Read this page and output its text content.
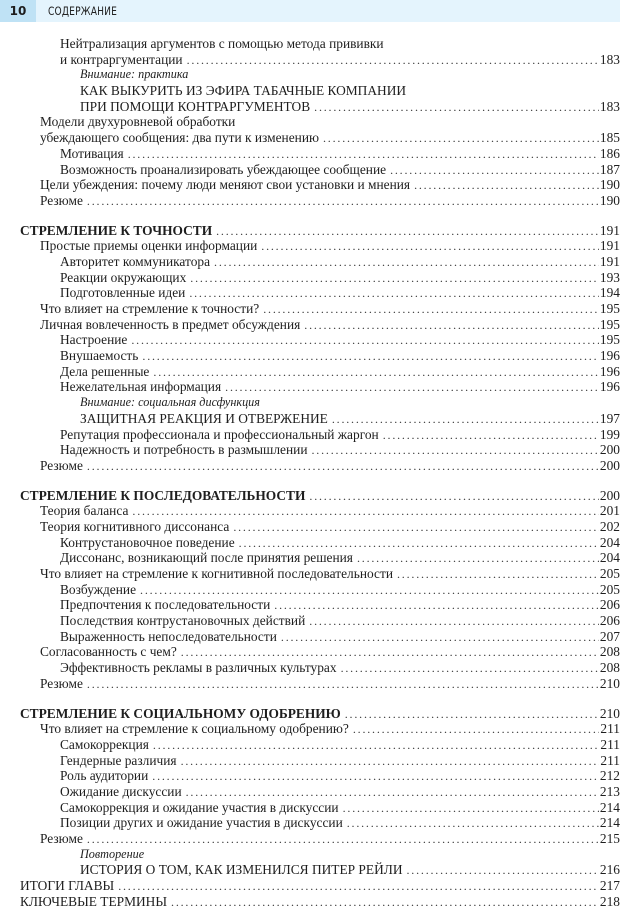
10	СОДЕРЖАНИЕ
Нейтрализация аргументов с помощью метода прививки
и контраргументации . . .	183
Внимание: практика
КАК ВЫКУРИТЬ ИЗ ЭФИРА ТАБАЧНЫЕ КОМПАНИИ
ПРИ ПОМОЩИ КОНТРАРГУМЕНТОВ . . .	183
Модели двухуровневой обработки
убеждающего сообщения: два пути к изменению . . .	185
Мотивация . . .	186
Возможность проанализировать убеждающее сообщение . . .	187
Цели убеждения: почему люди меняют свои установки и мнения . . .	190
Резюме . . .	190
СТРЕМЛЕНИЕ К ТОЧНОСТИ . . .	191
Простые приемы оценки информации . . .	191
Авторитет коммуникатора . . .	191
Реакции окружающих . . .	193
Подготовленные идеи . . .	194
Что влияет на стремление к точности? . . .	195
Личная вовлеченность в предмет обсуждения . . .	195
Настроение . . .	195
Внушаемость . . .	196
Дела решенные . . .	196
Нежелательная информация . . .	196
Внимание: социальная дисфункция
ЗАЩИТНАЯ РЕАКЦИЯ И ОТВЕРЖЕНИЕ . . .	197
Репутация профессионала и профессиональный жаргон . . .	199
Надежность и потребность в размышлении . . .	200
Резюме . . .	200
СТРЕМЛЕНИЕ К ПОСЛЕДОВАТЕЛЬНОСТИ . . .	200
Теория баланса . . .	201
Теория когнитивного диссонанса . . .	202
Контрустановочное поведение . . .	204
Диссонанс, возникающий после принятия решения . . .	204
Что влияет на стремление к когнитивной последовательности . . .	205
Возбуждение . . .	205
Предпочтения к последовательности . . .	206
Последствия контрустановочных действий . . .	206
Выраженность непоследовательности . . .	207
Согласованность с чем? . . .	208
Эффективность рекламы в различных культурах . . .	208
Резюме . . .	210
СТРЕМЛЕНИЕ К СОЦИАЛЬНОМУ ОДОБРЕНИЮ . . .	210
Что влияет на стремление к социальному одобрению? . . .	211
Самокоррекция . . .	211
Гендерные различия . . .	211
Роль аудитории . . .	212
Ожидание дискуссии . . .	213
Самокоррекция и ожидание участия в дискуссии . . .	214
Позиции других и ожидание участия в дискуссии . . .	214
Резюме . . .	215
Повторение
ИСТОРИЯ О ТОМ, КАК ИЗМЕНИЛСЯ ПИТЕР РЕЙЛИ . . .	216
ИТОГИ ГЛАВЫ . . .	217
КЛЮЧЕВЫЕ ТЕРМИНЫ . . .	218
